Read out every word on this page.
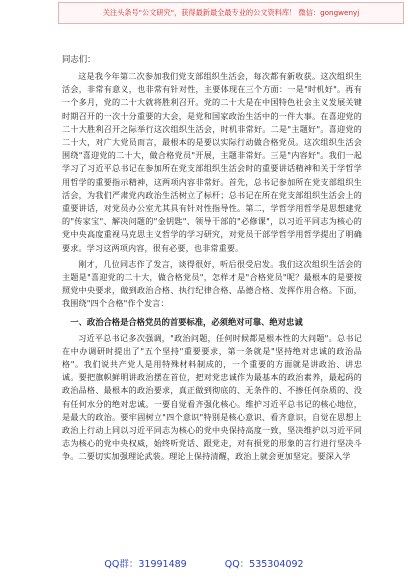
关注头条号"公文研究"，获得最新最全最专业的公文资料库！ 微信：gongwenyj

同志们：

这是我今年第二次参加我们党支部组织生活会，每次都有新收获。这次组织生活会，非常有意义，也非常有针对性，主要体现在三个方面：一是"时机好"。再有一个多月，党的二十大就将胜利召开。党的二十大是在中国特色社会主义发展关键时期召开的一次十分重要的大会，是党和国家政治生活中的一件大事。在喜迎党的二十大胜利召开之际举行这次组织生活会，时机非常好。二是"主题好"。喜迎党的二十大，对广大党员而言，最根本的是要以实际行动做合格党员。这次组织生活会围绕"喜迎党的二十大，做合格党员"开展，主题非常好。三是"内容好"。我们一起学习了习近平总书记在参加所在党支部组织生活会时的重要讲话精神和关于学哲学用哲学的重要指示精神，这两项内容非常好。首先，总书记参加所在党支部组织生活会，为我们严肃党内政治生活树立了标杆；总书记在所在党支部组织生活会上的重要讲话，对党员办公室尤其具有针对性指导性。第二，学哲学用哲学是思想建党的"传家宝"、解决问题的"金钥匙"、领导干部的"必修课"，以习近平同志为核心的党中央高度重视马克思主义哲学的学习研究，对党员干部学哲学用哲学提出了明确要求。学习这两项内容，很有必要，也非常重要。

刚才，几位同志作了发言，谈得很好，听后很受启发。我们这次组织生活会的主题是"喜迎党的二十大，做合格党员"，怎样才是"合格党员"呢？最根本的是要按照党中央要求，做到政治合格、执行纪律合格、品德合格、发挥作用合格。下面，我围绕"四个合格"作个发言：

一、政治合格是合格党员的首要标准，必须绝对可靠、绝对忠诚

习近平总书记多次强调，"政治问题，任何时候都是根本性的大问题"。总书记在中办调研时提出了"五个坚持"重要要求，第一条就是"坚持绝对忠诚的政治品格"。我们说共产党人是用特殊材料制成的，一个重要的方面就是讲政治、讲忠诚。要把旗帜鲜明讲政治摆在首位，把对党忠诚作为最基本的政治素养，最起码的政治品格、最根本的政治要求，真正做到彻底的、无条件的、不掺任何杂质的、没有任何水分的绝对忠诚。一要自觉看齐强化核心。维护习近平总书记的核心地位，是最大的政治。要牢固树立"四个意识"特别是核心意识、看齐意识，自觉在思想上政治上行动上同以习近平同志为核心的党中央保持高度一致，坚决维护以习近平同志为核心的党中央权威，始终听党话、跟党走，对有损党的形象的言行进行坚决斗争。二要切实加强理论武装。理论上保持清醒，政治上就会更加坚定。要深入学

QQ群：31991489	QQ：535304092
